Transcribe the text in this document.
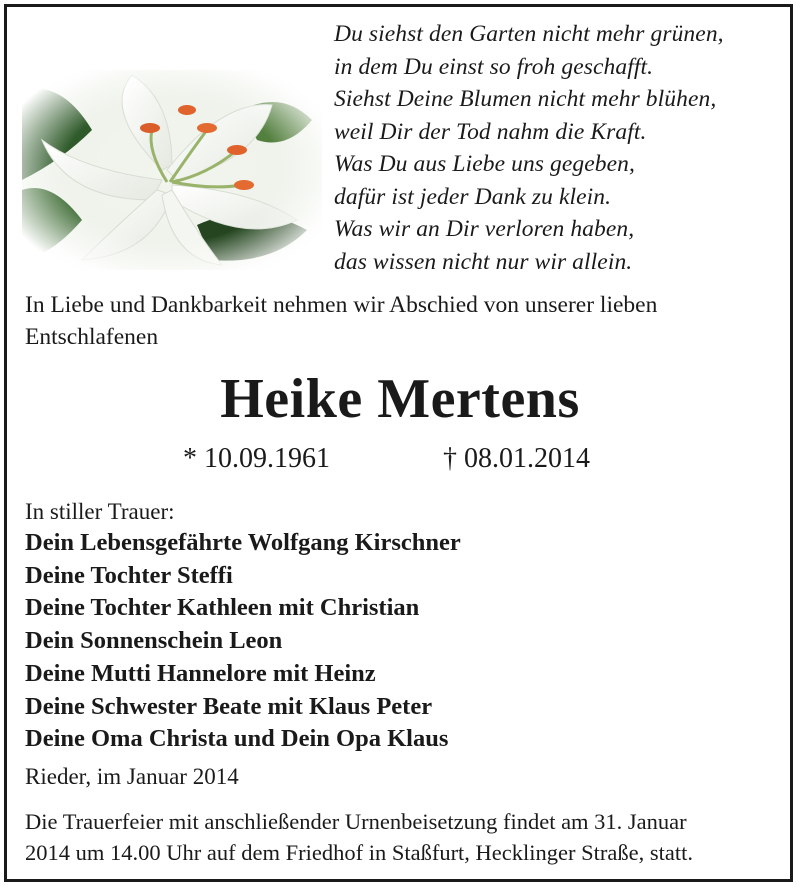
Du siehst den Garten nicht mehr grünen,
in dem Du einst so froh geschafft.
Siehst Deine Blumen nicht mehr blühen,
weil Dir der Tod nahm die Kraft.
Was Du aus Liebe uns gegeben,
dafür ist jeder Dank zu klein.
Was wir an Dir verloren haben,
das wissen nicht nur wir allein.
In Liebe und Dankbarkeit nehmen wir Abschied von unserer lieben Entschlafenen
Heike Mertens
* 10.09.1961	† 08.01.2014
In stiller Trauer:
Dein Lebensgefährte Wolfgang Kirschner
Deine Tochter Steffi
Deine Tochter Kathleen mit Christian
Dein Sonnenschein Leon
Deine Mutti Hannelore mit Heinz
Deine Schwester Beate mit Klaus Peter
Deine Oma Christa und Dein Opa Klaus
Rieder, im Januar 2014
Die Trauerfeier mit anschließender Urnenbeisetzung findet am 31. Januar
2014 um 14.00 Uhr auf dem Friedhof in Staßfurt, Hecklinger Straße, statt.
